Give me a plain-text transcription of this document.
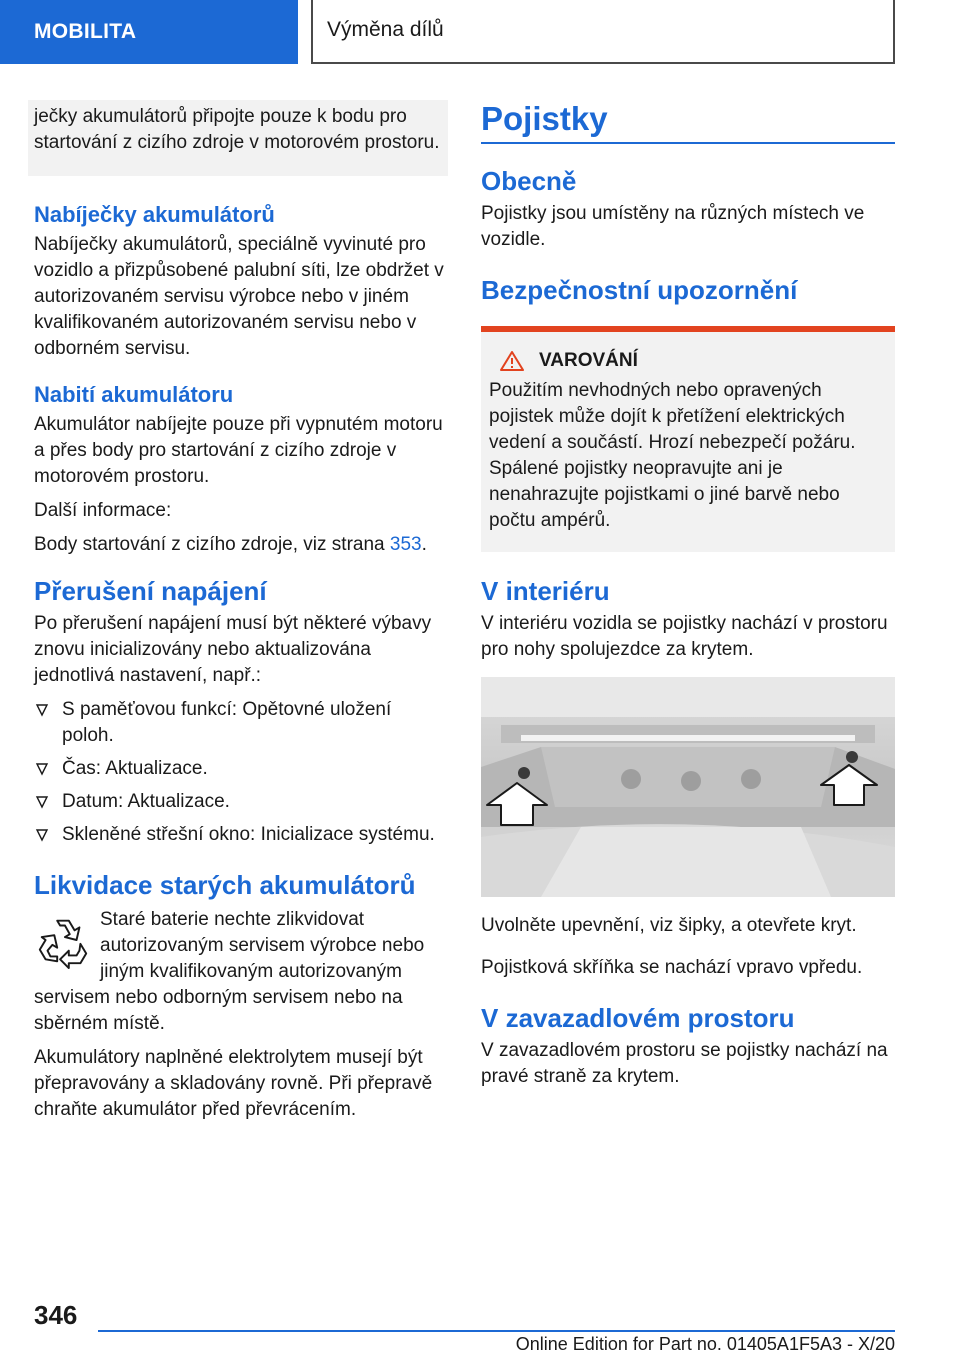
MOBILITA	Výměna dílů

ječky akumulátorů připojte pouze k bodu pro startování z cizího zdroje v motorovém prostoru.

Nabíječky akumulátorů

Nabíječky akumulátorů, speciálně vyvinuté pro vozidlo a přizpůsobené palubní síti, lze obdržet v autorizovaném servisu výrobce nebo v jiném kvalifikovaném autorizovaném servisu nebo v odborném servisu.

Nabití akumulátoru

Akumulátor nabíjejte pouze při vypnutém motoru a přes body pro startování z cizího zdroje v motorovém prostoru.

Další informace:

Body startování z cizího zdroje, viz strana 353.

Přerušení napájení

Po přerušení napájení musí být některé výbavy znovu inicializovány nebo aktualizována jednotlivá nastavení, např.:

S paměťovou funkcí: Opětovné uložení poloh.
Čas: Aktualizace.
Datum: Aktualizace.
Skleněné střešní okno: Inicializace systému.
Likvidace starých akumulátorů

Staré baterie nechte zlikvidovat autorizovaným servisem výrobce nebo jiným kvalifikovaným autorizovaným servisem nebo odborným servisem nebo na sběrném místě.

Akumulátory naplněné elektrolytem musejí být přepravovány a skladovány rovně. Při přepravě chraňte akumulátor před převrácením.

Pojistky
Obecně

Pojistky jsou umístěny na různých místech ve vozidle.

Bezpečnostní upozornění
VAROVÁNÍ

Použitím nevhodných nebo opravených pojistek může dojít k přetížení elektrických vedení a součástí. Hrozí nebezpečí požáru. Spálené pojistky neopravujte ani je nenahrazujte pojistkami o jiné barvě nebo počtu ampérů.

V interiéru

V interiéru vozidla se pojistky nachází v prostoru pro nohy spolujezdce za krytem.

Uvolněte upevnění, viz šipky, a otevřete kryt.

Pojistková skříňka se nachází vpravo vpředu.

V zavazadlovém prostoru

V zavazadlovém prostoru se pojistky nachází na pravé straně za krytem.

346
Online Edition for Part no. 01405A1F5A3 - X/20
